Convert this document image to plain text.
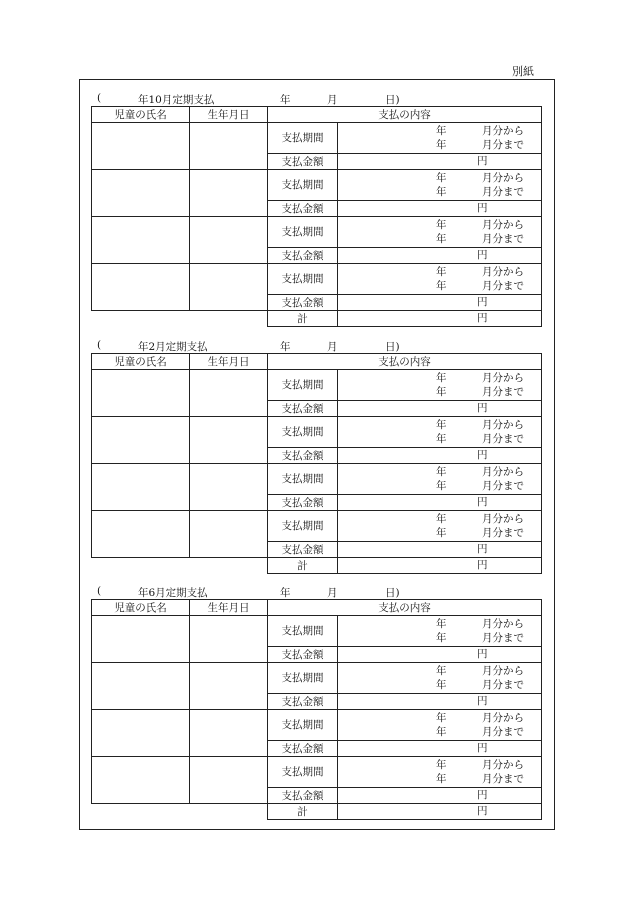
別紙
(	年10月定期支払	年	月	日)
児童の氏名	生年月日	支払の内容	
		支払期間	年 月分から
年 月分まで

		支払金額	円

		支払期間	年 月分から
年 月分まで

		支払金額	円

		支払期間	年 月分から
年 月分まで

		支払金額	円

		支払期間	年 月分から
年 月分まで

		支払金額	円

		計	円
(	年2月定期支払	年	月	日)
児童の氏名	生年月日	支払の内容	
		支払期間	年 月分から
年 月分まで

		支払金額	円

		支払期間	年 月分から
年 月分まで

		支払金額	円

		支払期間	年 月分から
年 月分まで

		支払金額	円

		支払期間	年 月分から
年 月分まで

		支払金額	円

		計	円
(	年6月定期支払	年	月	日)
児童の氏名	生年月日	支払の内容	
		支払期間	年 月分から
年 月分まで

		支払金額	円

		支払期間	年 月分から
年 月分まで

		支払金額	円

		支払期間	年 月分から
年 月分まで

		支払金額	円

		支払期間	年 月分から
年 月分まで

		支払金額	円

		計	円
